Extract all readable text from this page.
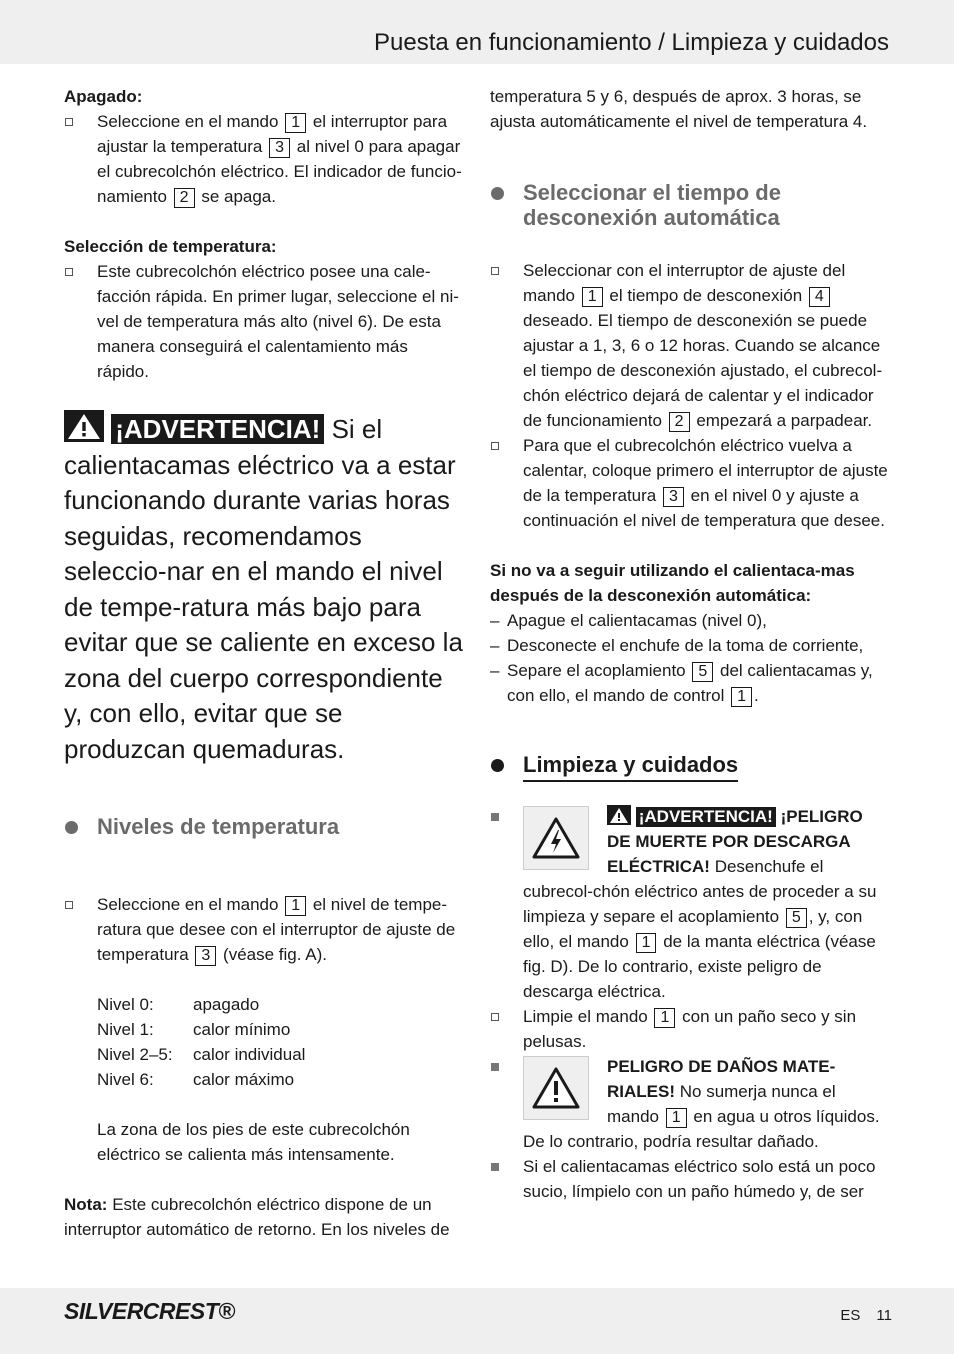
Puesta en funcionamiento / Limpieza y cuidados
Apagado:
Seleccione en el mando 1 el interruptor para ajustar la temperatura 3 al nivel 0 para apagar el cubrecolchón eléctrico. El indicador de funcio-namiento 2 se apaga.
Selección de temperatura:
Este cubrecolchón eléctrico posee una cale-facción rápida. En primer lugar, seleccione el ni-vel de temperatura más alto (nivel 6). De esta manera conseguirá el calentamiento más rápido.
¡ADVERTENCIA! Si el calientacamas eléctrico va a estar funcionando durante varias horas seguidas, recomendamos seleccio-nar en el mando el nivel de tempe-ratura más bajo para evitar que se caliente en exceso la zona del cuerpo correspondiente y, con ello, evitar que se produzcan quemaduras.
Niveles de temperatura
Seleccione en el mando 1 el nivel de tempe-ratura que desee con el interruptor de ajuste de temperatura 3 (véase fig. A).
Nivel 0:	apagado
Nivel 1:	calor mínimo
Nivel 2–5:	calor individual
Nivel 6:	calor máximo
La zona de los pies de este cubrecolchón eléctrico se calienta más intensamente.
Nota: Este cubrecolchón eléctrico dispone de un interruptor automático de retorno. En los niveles de
temperatura 5 y 6, después de aprox. 3 horas, se ajusta automáticamente el nivel de temperatura 4.
Seleccionar el tiempo de desconexión automática
Seleccionar con el interruptor de ajuste del mando 1 el tiempo de desconexión 4 deseado. El tiempo de desconexión se puede ajustar a 1, 3, 6 o 12 horas. Cuando se alcance el tiempo de desconexión ajustado, el cubrecol-chón eléctrico dejará de calentar y el indicador de funcionamiento 2 empezará a parpadear.
Para que el cubrecolchón eléctrico vuelva a calentar, coloque primero el interruptor de ajuste de la temperatura 3 en el nivel 0 y ajuste a continuación el nivel de temperatura que desee.
Si no va a seguir utilizando el calientaca-mas después de la desconexión automática:
– Apague el calientacamas (nivel 0),
– Desconecte el enchufe de la toma de corriente,
– Separe el acoplamiento 5 del calientacamas y, con ello, el mando de control 1 .
Limpieza y cuidados
¡ADVERTENCIA! ¡PELIGRO DE MUERTE POR DESCARGA ELÉCTRICA! Desenchufe el cubrecol-chón eléctrico antes de proceder a su limpieza y separe el acoplamiento 5 , y, con ello, el mando 1 de la manta eléctrica (véase fig. D). De lo contrario, existe peligro de descarga eléctrica.
Limpie el mando 1 con un paño seco y sin pelusas.
PELIGRO DE DAÑOS MATE-RIALES! No sumerja nunca el mando 1 en agua u otros líquidos. De lo contrario, podría resultar dañado.
Si el calientacamas eléctrico solo está un poco sucio, límpielo con un paño húmedo y, de ser
SILVERCREST®	ES 11
